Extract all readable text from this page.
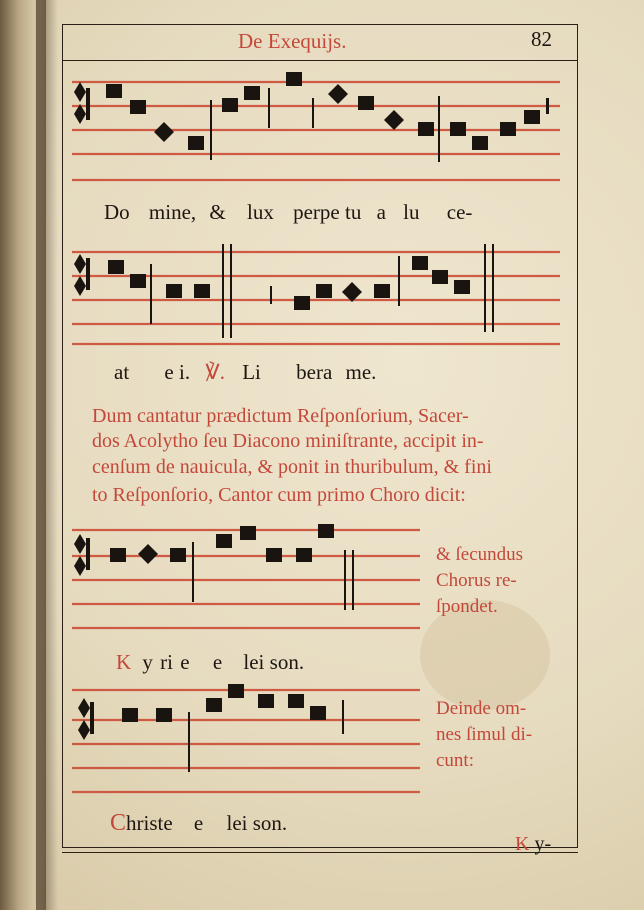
De Exequijs.	82
Do mine, & lux perpe tu a lu ce-
at e i. ℣. Li bera me.
Dum cantatur prædictum Reſponſorium, Sacer-
dos Acolytho ſeu Diacono miniſtrante, accipit in-
cenſum de nauicula, & ponit in thuribulum, & fini
to Reſponſorio, Cantor cum primo Choro dicit:
& ſecundus
Chorus re-
ſpondet.
K y ri e e lei son.
Deinde om-
nes ſimul di-
cunt:
Christe e lei son.
K y-
